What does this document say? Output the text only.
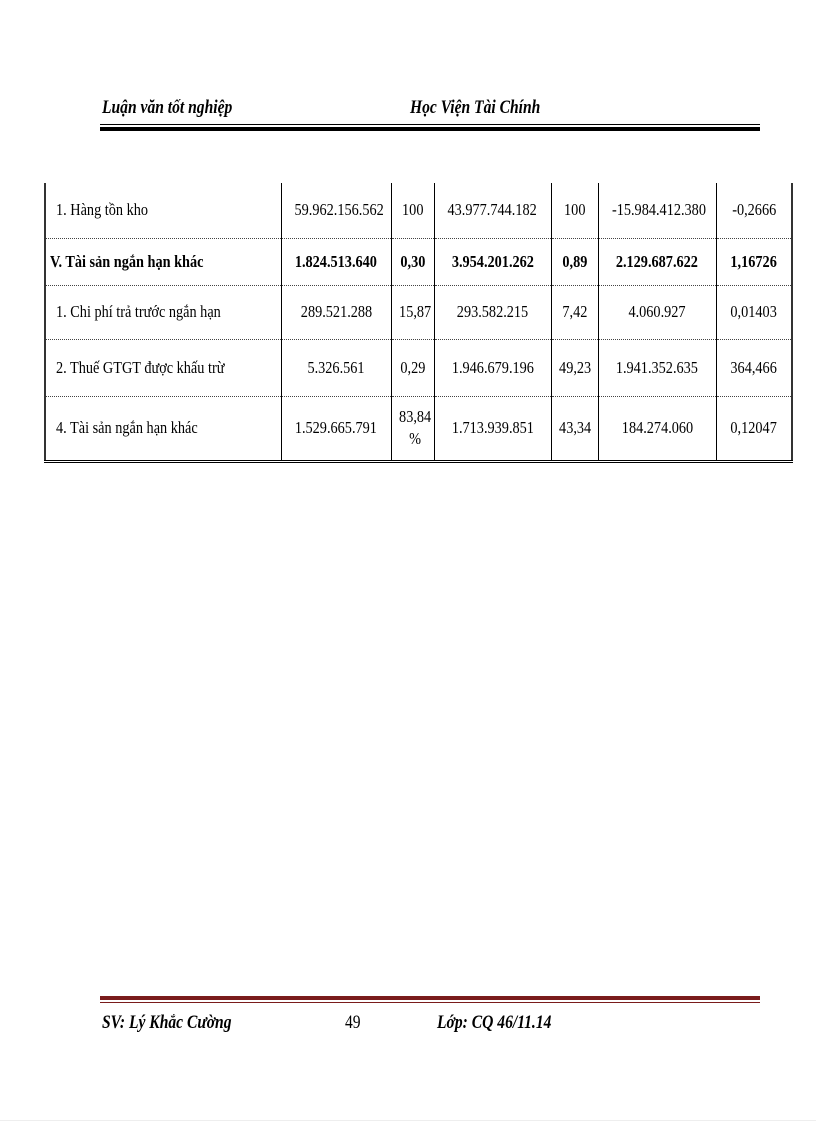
Luận văn tốt nghiệp	Học Viện Tài Chính
1. Hàng tồn kho	59.962.156.562	100	43.977.744.182	100	-15.984.412.380	-0,2666
V. Tài sản ngắn hạn khác	1.824.513.640	0,30	3.954.201.262	0,89	2.129.687.622	1,16726
1. Chi phí trả trước ngắn hạn	289.521.288	15,87	293.582.215	7,42	4.060.927	0,01403
2. Thuế GTGT được khấu trừ	5.326.561	0,29	1.946.679.196	49,23	1.941.352.635	364,466
4. Tài sản ngắn hạn khác	1.529.665.791	83,84 %	1.713.939.851	43,34	184.274.060	0,12047
SV: Lý Khắc Cường	49	Lớp: CQ 46/11.14
